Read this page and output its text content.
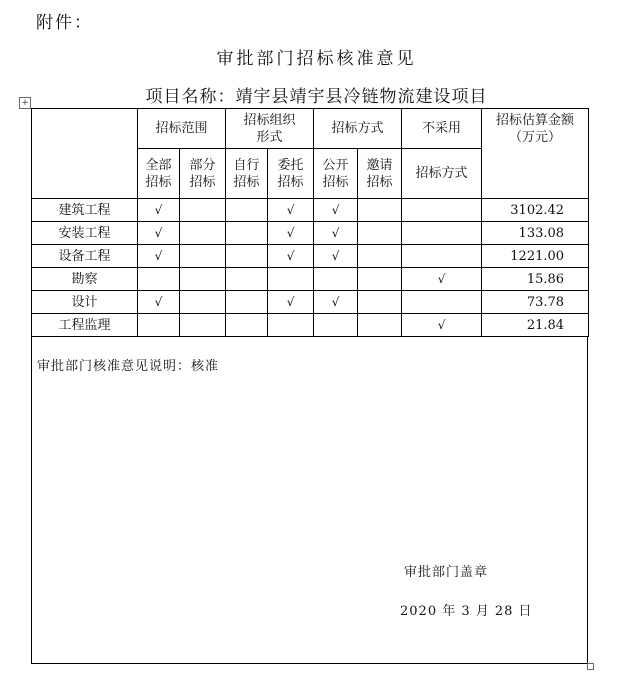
附件：
审批部门招标核准意见
项目名称：靖宇县靖宇县冷链物流建设项目
+
	招标范围		招标组织形式		招标方式		不采用	招标估算金额（万元）
	全部招标	部分招标	自行招标	委托招标	公开招标	邀请招标	招标方式	
建筑工程	√			√	√			3102.42
安装工程	√			√	√			133.08
设备工程	√			√	√			1221.00
勘察							√	15.86
设计	√			√	√			73.78
工程监理							√	21.84
审批部门核准意见说明：核准
审批部门盖章
2020 年 3 月 28 日
